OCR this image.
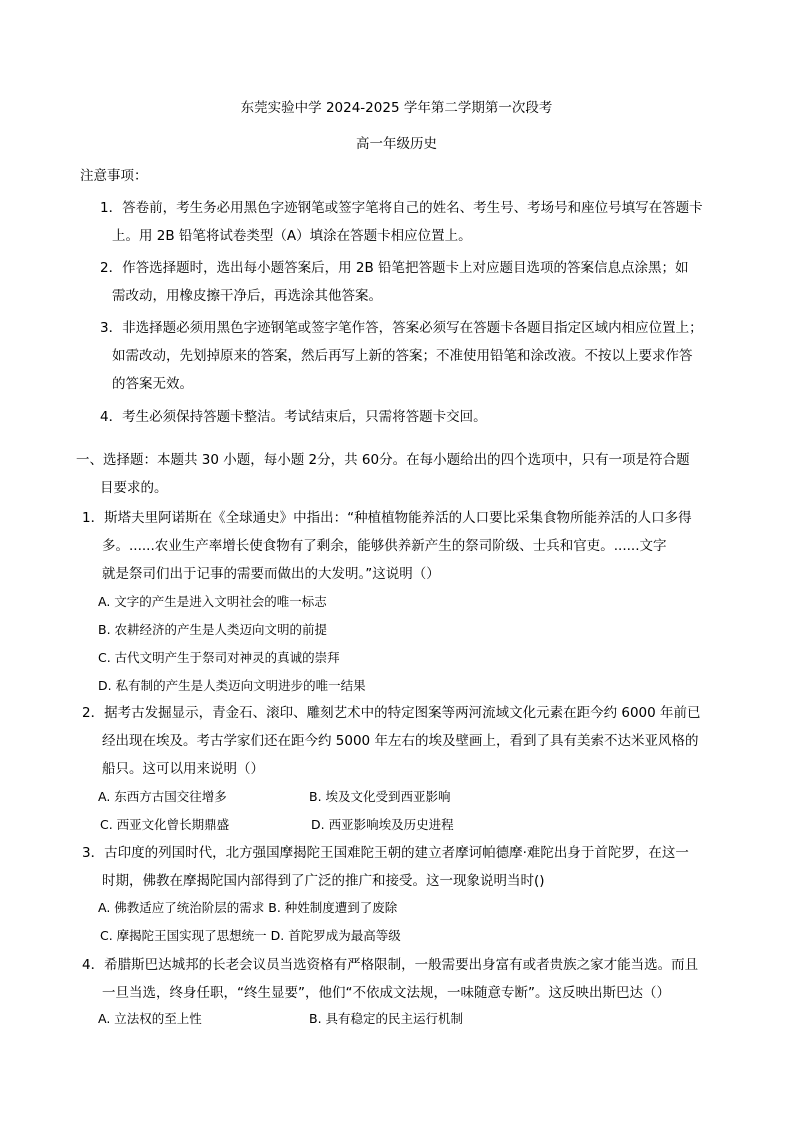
东莞实验中学 2024-2025 学年第二学期第一次段考
高一年级历史
注意事项：
1．答卷前，考生务必用黑色字迹钢笔或签字笔将自己的姓名、考生号、考场号和座位号填写在答题卡
上。用 2B 铅笔将试卷类型（A）填涂在答题卡相应位置上。
2．作答选择题时，选出每小题答案后，用 2B 铅笔把答题卡上对应题目选项的答案信息点涂黑；如
需改动，用橡皮擦干净后，再选涂其他答案。
3．非选择题必须用黑色字迹钢笔或签字笔作答，答案必须写在答题卡各题目指定区域内相应位置上；
如需改动，先划掉原来的答案，然后再写上新的答案；不准使用铅笔和涂改液。不按以上要求作答
的答案无效。
4．考生必须保持答题卡整洁。考试结束后，只需将答题卡交回。
一、选择题：本题共 30 小题，每小题 2分，共 60分。在每小题给出的四个选项中，只有一项是符合题
目要求的。
1．斯塔夫里阿诺斯在《全球通史》中指出：“种植植物能养活的人口要比采集食物所能养活的人口多得
多。......农业生产率增长使食物有了剩余，能够供养新产生的祭司阶级、士兵和官吏。......文字
就是祭司们出于记事的需要而做出的大发明。”这说明（）
A. 文字的产生是进入文明社会的唯一标志
B. 农耕经济的产生是人类迈向文明的前提
C. 古代文明产生于祭司对神灵的真诚的崇拜
D. 私有制的产生是人类迈向文明进步的唯一结果
2．据考古发掘显示，青金石、滚印、雕刻艺术中的特定图案等两河流域文化元素在距今约 6000 年前已
经出现在埃及。考古学家们还在距今约 5000 年左右的埃及壁画上，看到了具有美索不达米亚风格的
船只。这可以用来说明（）
A. 东西方古国交往增多	B. 埃及文化受到西亚影响
C. 西亚文化曾长期鼎盛	D. 西亚影响埃及历史进程
3．古印度的列国时代，北方强国摩揭陀王国难陀王朝的建立者摩诃帕德摩·难陀出身于首陀罗，在这一
时期，佛教在摩揭陀国内部得到了广泛的推广和接受。这一现象说明当时()
A. 佛教适应了统治阶层的需求 B. 种姓制度遭到了废除
C. 摩揭陀王国实现了思想统一 D. 首陀罗成为最高等级
4．希腊斯巴达城邦的长老会议员当选资格有严格限制，一般需要出身富有或者贵族之家才能当选。而且
一旦当选，终身任职，“终生显要”，他们“不依成文法规，一味随意专断”。这反映出斯巴达（）
A. 立法权的至上性	B. 具有稳定的民主运行机制
